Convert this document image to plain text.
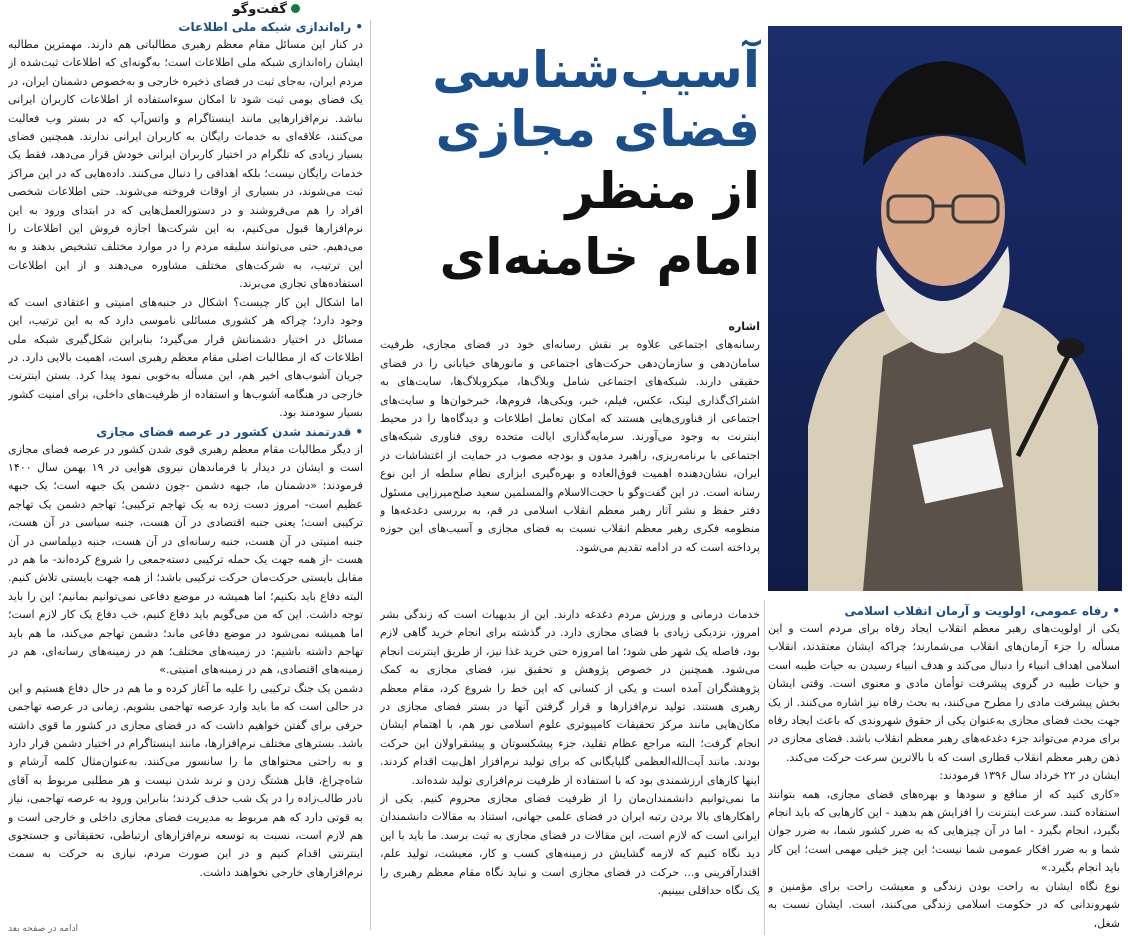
گفت‌وگو
•راه‌اندازی شبکه ملی اطلاعات

در کنار این مسائل مقام معظم رهبری مطالباتی هم دارند. مهمترین مطالبه ایشان راه‌اندازی شبکه ملی اطلاعات است؛ به‌گونه‌ای که اطلاعات ثبت‌شده از مردم ایران، به‌جای ثبت در فضای ذخیره خارجی و به‌خصوص دشمنان ایران، در یک فضای بومی ثبت شود تا امکان سوءاستفاده از اطلاعات کاربران ایرانی نباشد. نرم‌افزارهایی مانند اینستاگرام و واتس‌آپ که در بستر وب فعالیت می‌کنند، علاقه‌ای به خدمات رایگان به کاربران ایرانی ندارند. همچنین فضای بسیار زیادی که تلگرام در اختیار کاربران ایرانی خودش قرار می‌دهد، فقط یک خدمات رایگان نیست؛ بلکه اهدافی را دنبال می‌کنند. داده‌هایی که در این مراکز ثبت می‌شوند، در بسیاری از اوقات فروخته می‌شوند. حتی اطلاعات شخصی افراد را هم می‌فروشند و در دستورالعمل‌هایی که در ابتدای ورود به این نرم‌افزارها قبول می‌کنیم، به این شرکت‌ها اجازه فروش این اطلاعات را می‌دهیم. حتی می‌توانند سلیقه مردم را در موارد مختلف تشخیص بدهند و به این ترتیب، به شرکت‌های مختلف مشاوره می‌دهند و از این اطلاعات استفاده‌های تجاری می‌برند.

اما اشکال این کار چیست؟ اشکال در جنبه‌های امنیتی و اعتقادی است که وجود دارد؛ چراکه هر کشوری مسائلی ناموسی دارد که به این ترتیب، این مسائل در اختیار دشمنانش قرار می‌گیرد؛ بنابراین شکل‌گیری شبکه ملی اطلاعات که از مطالبات اصلی مقام معظم رهبری است، اهمیت بالایی دارد. در جریان آشوب‌های اخیر هم، این مسأله به‌خوبی نمود پیدا کرد. بستن اینترنت خارجی در هنگامه آشوب‌ها و استفاده از ظرفیت‌های داخلی، برای امنیت کشور بسیار سودمند بود.

•قدرتمند شدن کشور در عرصه فضای مجازی

از دیگر مطالبات مقام معظم رهبری قوی شدن کشور در عرصه فضای مجازی است و ایشان در دیدار با فرماندهان نیروی هوایی در ۱۹ بهمن سال ۱۴۰۰ فرمودند: «دشمنان ما، جبهه دشمن -چون دشمن یک جبهه است؛ یک جبهه عظیم است- امروز دست زده به یک تهاجم ترکیبی؛ تهاجم دشمن یک تهاجم ترکیبی است؛ یعنی جنبه اقتصادی در آن هست، جنبه سیاسی در آن هست، جنبه امنیتی در آن هست، جنبه رسانه‌ای در آن هست، جنبه دیپلماسی در آن هست -از همه جهت یک حمله ترکیبی دسته‌جمعی را شروع کرده‌اند- ما هم در مقابل بایستی حرکت‌مان حرکت ترکیبی باشد؛ از همه جهت بایستی تلاش کنیم. البته دفاع باید بکنیم؛ اما همیشه در موضع دفاعی نمی‌توانیم بمانیم؛ این را باید توجه داشت. این که من می‌گویم باید دفاع کنیم، خب دفاع یک کار لازم است؛ اما همیشه نمی‌شود در موضع دفاعی ماند؛ دشمن تهاجم می‌کند، ما هم باید تهاجم داشته باشیم: در زمینه‌های مختلف؛ هم در زمینه‌های رسانه‌ای، هم در زمینه‌های اقتصادی، هم در زمینه‌های امنیتی.»

دشمن یک جنگ ترکیبی را علیه ما آغاز کرده و ما هم در حال دفاع هستیم و این در حالی است که ما باید وارد عرصه تهاجمی بشویم. زمانی در عرصه تهاجمی حرفی برای گفتن خواهیم داشت که در فضای مجازی در کشور ما قوی داشته باشد. بسترهای مختلف نرم‌افزارها، مانند اینستاگرام در اختیار دشمن قرار دارد و به راحتی محتواهای ما را سانسور می‌کنند. به‌عنوان‌مثال کلمه آرشام و شاه‌چراغ، قابل هشتگ زدن و ترند شدن نیست و هر مطلبی مربوط به آقای نادر طالب‌زاده را در یک شب حذف کردند؛ بنابراین ورود به عرصه تهاجمی، نیاز به قوتی دارد که هم مربوط به مدیریت فضای مجازی داخلی و خارجی است و هم لازم است، نسبت به توسعه نرم‌افزارهای ارتباطی، تحقیقاتی و جستجوی اینترنتی اقدام کنیم و در این صورت مردم، نیازی به حرکت به سمت نرم‌افزارهای خارجی نخواهند داشت.

آسیب‌شناسی
فضای مجازی
از منظر
امام خامنه‌ای

اشاره

رسانه‌های اجتماعی علاوه بر نقش رسانه‌ای خود در فضای مجازی، ظرفیت سامان‌دهی و سازمان‌دهی حرکت‌های اجتماعی و مانورهای خیابانی را در فضای حقیقی دارند. شبکه‌های اجتماعی شامل وبلاگ‌ها، میکروبلاگ‌ها، سایت‌های به اشتراک‌گذاری لینک، عکس، فیلم، خبر، ویکی‌ها، فروم‌ها، خبرخوان‌ها و سایت‌های اجتماعی از فناوری‌هایی هستند که امکان تعامل اطلاعات و دیدگاه‌ها را در محیط اینترنت به وجود می‌آورند. سرمایه‌گذاری ایالت متحده روی فناوری شبکه‌های اجتماعی با برنامه‌ریزی، راهبرد مدون و بودجه مصوب در حمایت از اغتشاشات در ایران، نشان‌دهنده اهمیت فوق‌العاده و بهره‌گیری ابزاری نظام سلطه از این نوع رسانه است. در این گفت‌وگو با حجت‌الاسلام والمسلمین سعید صلح‌میرزایی مسئول دفتر حفظ و نشر آثار رهبر معظم انقلاب اسلامی در قم، به بررسی دغدغه‌ها و منظومه فکری رهبر معظم انقلاب نسبت به فضای مجازی و آسیب‌های این حوزه پرداخته است که در ادامه تقدیم می‌شود.

خدمات درمانی و ورزش مردم دغدغه دارند. این از بدیهیات است که زندگی بشر امروز، نزدیکی زیادی با فضای مجازی دارد. در گذشته برای انجام خرید گاهی لازم بود، فاصله یک شهر طی شود؛ اما امروزه حتی خرید غذا نیز، از طریق اینترنت انجام می‌شود. همچنین در خصوص پژوهش و تحقیق نیز، فضای مجازی به کمک پژوهشگران آمده است و یکی از کسانی که این خط را شروع کرد، مقام معظم رهبری هستند. تولید نرم‌افزارها و قرار گرفتن آنها در بستر فضای مجازی در مکان‌هایی مانند مرکز تحقیقات کامپیوتری علوم اسلامی نور هم، با اهتمام ایشان انجام گرفت؛ البته مراجع عظام تقلید، جزء پیشکسوتان و پیشقراولان این حرکت بودند. مانند آیت‌الله‌العظمی گلپایگانی که برای تولید نرم‌افزار اهل‌بیت اقدام کردند. اینها کارهای ارزشمندی بود که با استفاده از ظرفیت نرم‌افزاری تولید شده‌اند.

ما نمی‌توانیم دانشمندان‌مان را از ظرفیت فضای مجازی محروم کنیم. یکی از راهکارهای بالا بردن رتبه ایران در فضای علمی جهانی، استناد به مقالات دانشمندان ایرانی است که لازم است، این مقالات در فضای مجازی به ثبت برسد. ما باید با این دید نگاه کنیم که لازمه گشایش در زمینه‌های کسب و کار، معیشت، تولید علم، اقتدارآفرینی و... حرکت در فضای مجازی است و نباید نگاه مقام معظم رهبری را یک نگاه حداقلی ببینیم.

•رفاه عمومی، اولویت و آرمان انقلاب اسلامی

یکی از اولویت‌های رهبر معظم انقلاب ایجاد رفاه برای مردم است و این مسأله را جزء آرمان‌های انقلاب می‌شمارند؛ چراکه ایشان معتقدند، انقلاب اسلامی اهداف انبیاء را دنبال می‌کند و هدف انبیاء رسیدن به حیات طیبه است و حیات طیبه در گروی پیشرفت توأمان مادی و معنوی است. وقتی ایشان بخش پیشرفت مادی را مطرح می‌کنند، به بحث رفاه نیز اشاره می‌کنند. از یک جهت بحث فضای مجازی به‌عنوان یکی از حقوق شهروندی که باعث ایجاد رفاه برای مردم می‌تواند جزء دغدغه‌های رهبر معظم انقلاب باشد. فضای مجازی در ذهن رهبر معظم انقلاب قطاری است که با بالاترین سرعت حرکت می‌کند.

ایشان در ۲۲ خرداد سال ۱۳۹۶ فرمودند:

«کاری کنید که از منافع و سودها و بهره‌های فضای مجازی، همه بتوانند استفاده کنند. سرعت اینترنت را افزایش هم بدهید - این کارهایی که باید انجام بگیرد، انجام بگیرد - اما در آن چیزهایی که به ضرر کشور شما، به ضرر جوان شما و به ضرر افکار عمومی شما نیست؛ این چیز خیلی مهمی است؛ این کار باید انجام بگیرد.»

نوع نگاه ایشان به راحت بودن زندگی و معیشت راحت برای مؤمنین و شهروندانی که در حکومت اسلامی زندگی می‌کنند، است. ایشان نسبت به شغل،

ادامه در صفحه بعد
